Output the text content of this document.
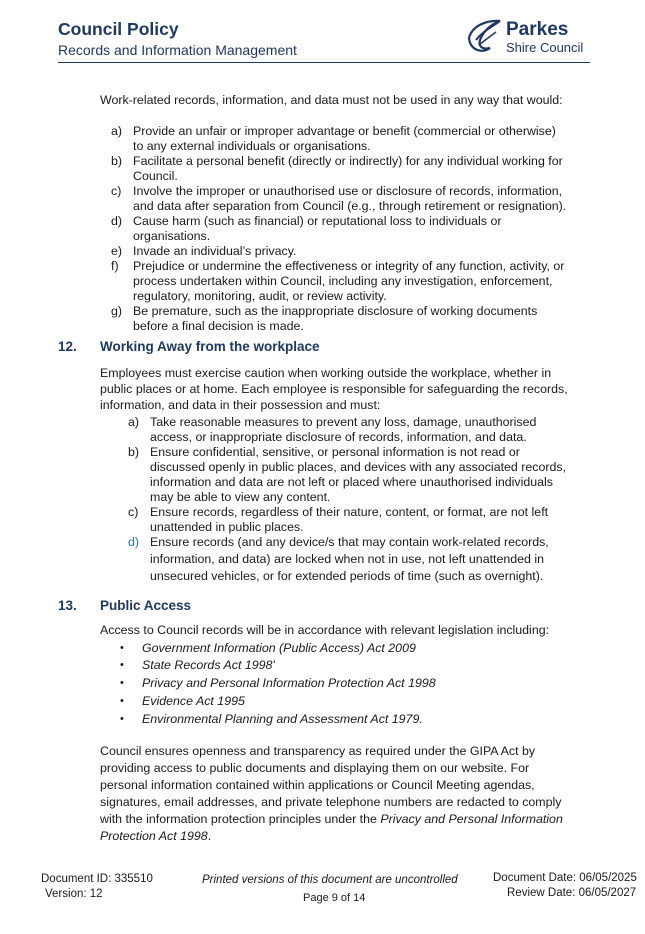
Council Policy
Records and Information Management
Parkes
Shire Council
Work-related records, information, and data must not be used in any way that would:
a) Provide an unfair or improper advantage or benefit (commercial or otherwise)
to any external individuals or organisations.
b) Facilitate a personal benefit (directly or indirectly) for any individual working for
Council.
c) Involve the improper or unauthorised use or disclosure of records, information,
and data after separation from Council (e.g., through retirement or resignation).
d) Cause harm (such as financial) or reputational loss to individuals or
organisations.
e) Invade an individual’s privacy.
f) Prejudice or undermine the effectiveness or integrity of any function, activity, or
process undertaken within Council, including any investigation, enforcement,
regulatory, monitoring, audit, or review activity.
g) Be premature, such as the inappropriate disclosure of working documents
before a final decision is made.
12. Working Away from the workplace
Employees must exercise caution when working outside the workplace, whether in
public places or at home. Each employee is responsible for safeguarding the records,
information, and data in their possession and must:
a) Take reasonable measures to prevent any loss, damage, unauthorised
access, or inappropriate disclosure of records, information, and data.
b) Ensure confidential, sensitive, or personal information is not read or
discussed openly in public places, and devices with any associated records,
information and data are not left or placed where unauthorised individuals
may be able to view any content.
c) Ensure records, regardless of their nature, content, or format, are not left
unattended in public places.
d) Ensure records (and any device/s that may contain work-related records,
information, and data) are locked when not in use, not left unattended in
unsecured vehicles, or for extended periods of time (such as overnight).
13. Public Access
Access to Council records will be in accordance with relevant legislation including:
• Government Information (Public Access) Act 2009
• State Records Act 1998'
• Privacy and Personal Information Protection Act 1998
• Evidence Act 1995
• Environmental Planning and Assessment Act 1979.
Council ensures openness and transparency as required under the GIPA Act by
providing access to public documents and displaying them on our website. For
personal information contained within applications or Council Meeting agendas,
signatures, email addresses, and private telephone numbers are redacted to comply
with the information protection principles under the Privacy and Personal Information
Protection Act 1998.
Document ID: 335510
Version: 12
Printed versions of this document are uncontrolled
Page 9 of 14
Document Date: 06/05/2025
Review Date: 06/05/2027
